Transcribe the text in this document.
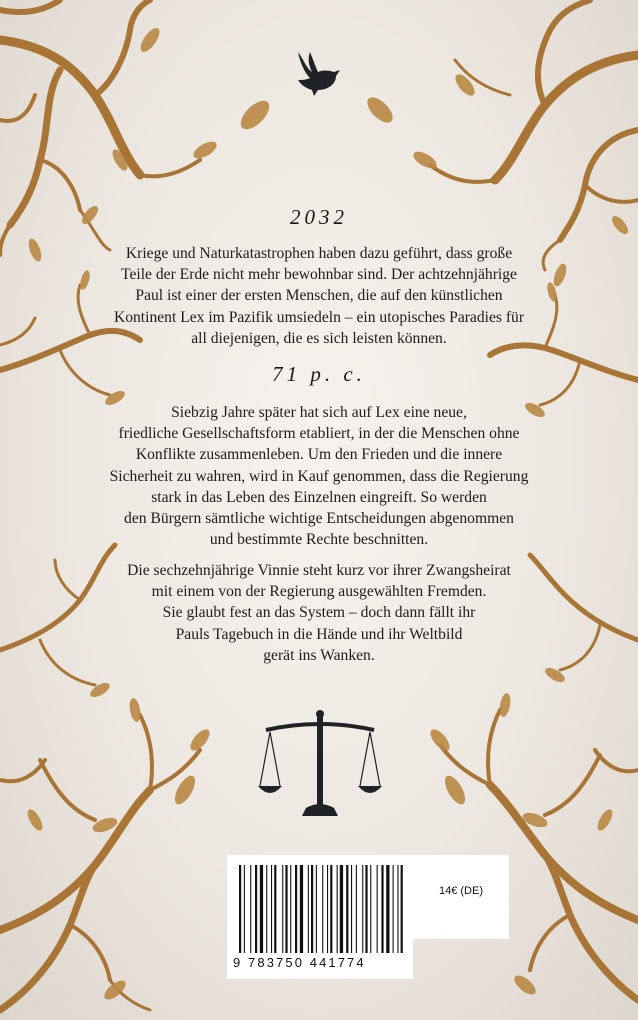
2032

Kriege und Naturkatastrophen haben dazu geführt, dass große

Teile der Erde nicht mehr bewohnbar sind. Der achtzehnjährige

Paul ist einer der ersten Menschen, die auf den künstlichen

Kontinent Lex im Pazifik umsiedeln – ein utopisches Paradies für

all diejenigen, die es sich leisten können.

71 p. c.

Siebzig Jahre später hat sich auf Lex eine neue,

friedliche Gesellschaftsform etabliert, in der die Menschen ohne

Konflikte zusammenleben. Um den Frieden und die innere

Sicherheit zu wahren, wird in Kauf genommen, dass die Regierung

stark in das Leben des Einzelnen eingreift. So werden

den Bürgern sämtliche wichtige Entscheidungen abgenommen

und bestimmte Rechte beschnitten.

Die sechzehnjährige Vinnie steht kurz vor ihrer Zwangsheirat

mit einem von der Regierung ausgewählten Fremden.

Sie glaubt fest an das System – doch dann fällt ihr

Pauls Tagebuch in die Hände und ihr Weltbild

gerät ins Wanken.

9 783750 441774
14€ (DE)
